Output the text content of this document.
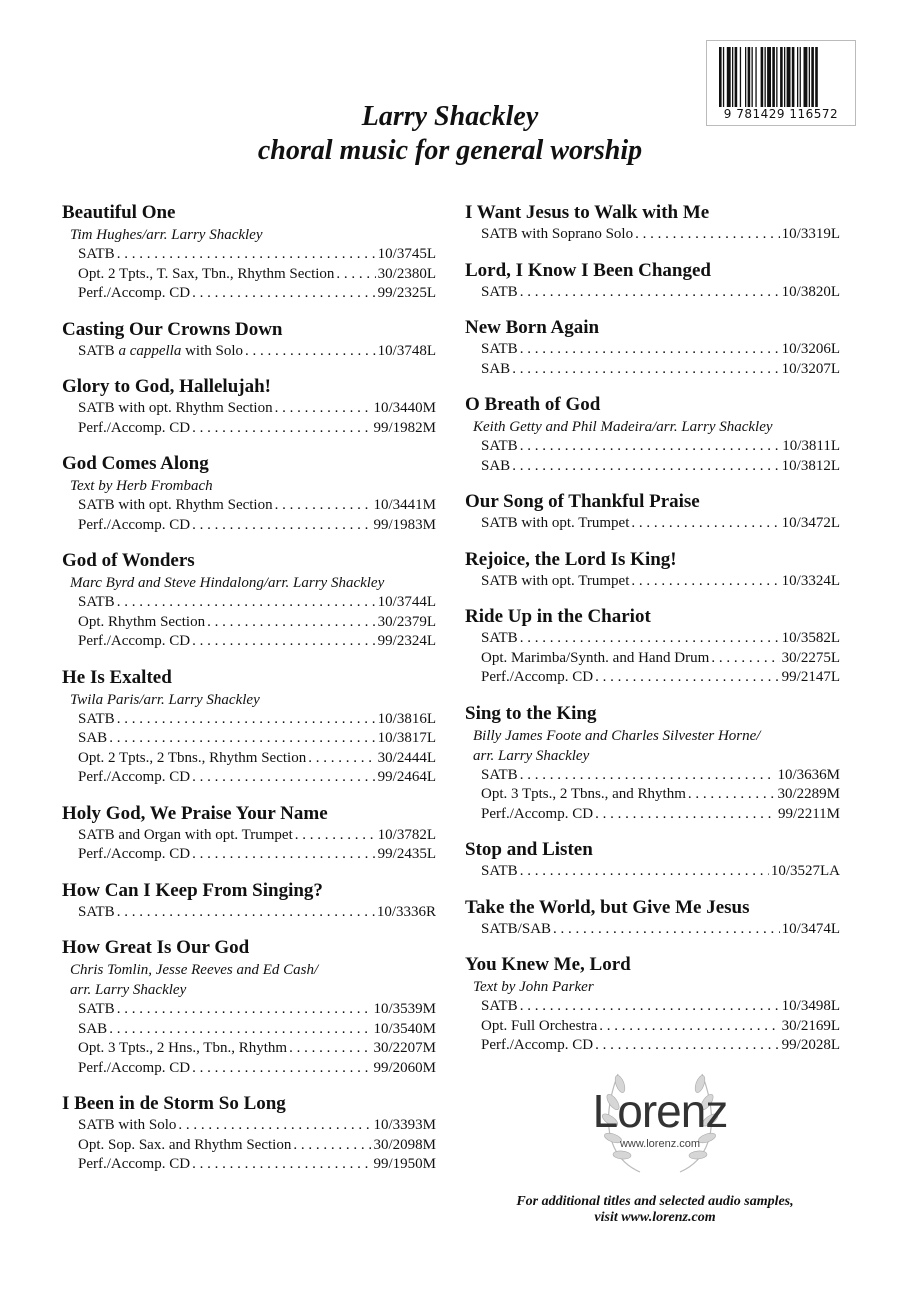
9 781429 116572
Larry Shackley
choral music for general worship
Beautiful One
Tim Hughes/arr. Larry Shackley
SATB . . .	10/3745L
Opt. 2 Tpts., T. Sax, Tbn., Rhythm Section . . .	30/2380L
Perf./Accomp. CD . . .	99/2325L
Casting Our Crowns Down
SATB a cappella with Solo . . .	10/3748L
Glory to God, Hallelujah!
SATB with opt. Rhythm Section . . .	10/3440M
Perf./Accomp. CD . . .	99/1982M
God Comes Along
Text by Herb Frombach
SATB with opt. Rhythm Section . . .	10/3441M
Perf./Accomp. CD . . .	99/1983M
God of Wonders
Marc Byrd and Steve Hindalong/arr. Larry Shackley
SATB . . .	10/3744L
Opt. Rhythm Section . . .	30/2379L
Perf./Accomp. CD . . .	99/2324L
He Is Exalted
Twila Paris/arr. Larry Shackley
SATB . . .	10/3816L
SAB . . .	10/3817L
Opt. 2 Tpts., 2 Tbns., Rhythm Section . . .	30/2444L
Perf./Accomp. CD . . .	99/2464L
Holy God, We Praise Your Name
SATB and Organ with opt. Trumpet . . .	10/3782L
Perf./Accomp. CD . . .	99/2435L
How Can I Keep From Singing?
SATB . . .	10/3336R
How Great Is Our God
Chris Tomlin, Jesse Reeves and Ed Cash/
arr. Larry Shackley
SATB . . .	10/3539M
SAB . . .	10/3540M
Opt. 3 Tpts., 2 Hns., Tbn., Rhythm . . .	30/2207M
Perf./Accomp. CD . . .	99/2060M
I Been in de Storm So Long
SATB with Solo . . .	10/3393M
Opt. Sop. Sax. and Rhythm Section . . .	30/2098M
Perf./Accomp. CD . . .	99/1950M
I Want Jesus to Walk with Me
SATB with Soprano Solo . . .	10/3319L
Lord, I Know I Been Changed
SATB . . .	10/3820L
New Born Again
SATB . . .	10/3206L
SAB . . .	10/3207L
O Breath of God
Keith Getty and Phil Madeira/arr. Larry Shackley
SATB . . .	10/3811L
SAB . . .	10/3812L
Our Song of Thankful Praise
SATB with opt. Trumpet . . .	10/3472L
Rejoice, the Lord Is King!
SATB with opt. Trumpet . . .	10/3324L
Ride Up in the Chariot
SATB . . .	10/3582L
Opt. Marimba/Synth. and Hand Drum . . .	30/2275L
Perf./Accomp. CD . . .	99/2147L
Sing to the King
Billy James Foote and Charles Silvester Horne/
arr. Larry Shackley
SATB . . .	10/3636M
Opt. 3 Tpts., 2 Tbns., and Rhythm . . .	30/2289M
Perf./Accomp. CD . . .	99/2211M
Stop and Listen
SATB . . .	10/3527LA
Take the World, but Give Me Jesus
SATB/SAB . . .	10/3474L
You Knew Me, Lord
Text by John Parker
SATB . . .	10/3498L
Opt. Full Orchestra . . .	30/2169L
Perf./Accomp. CD . . .	99/2028L
Lorenz
www.lorenz.com
For additional titles and selected audio samples,
visit www.lorenz.com
